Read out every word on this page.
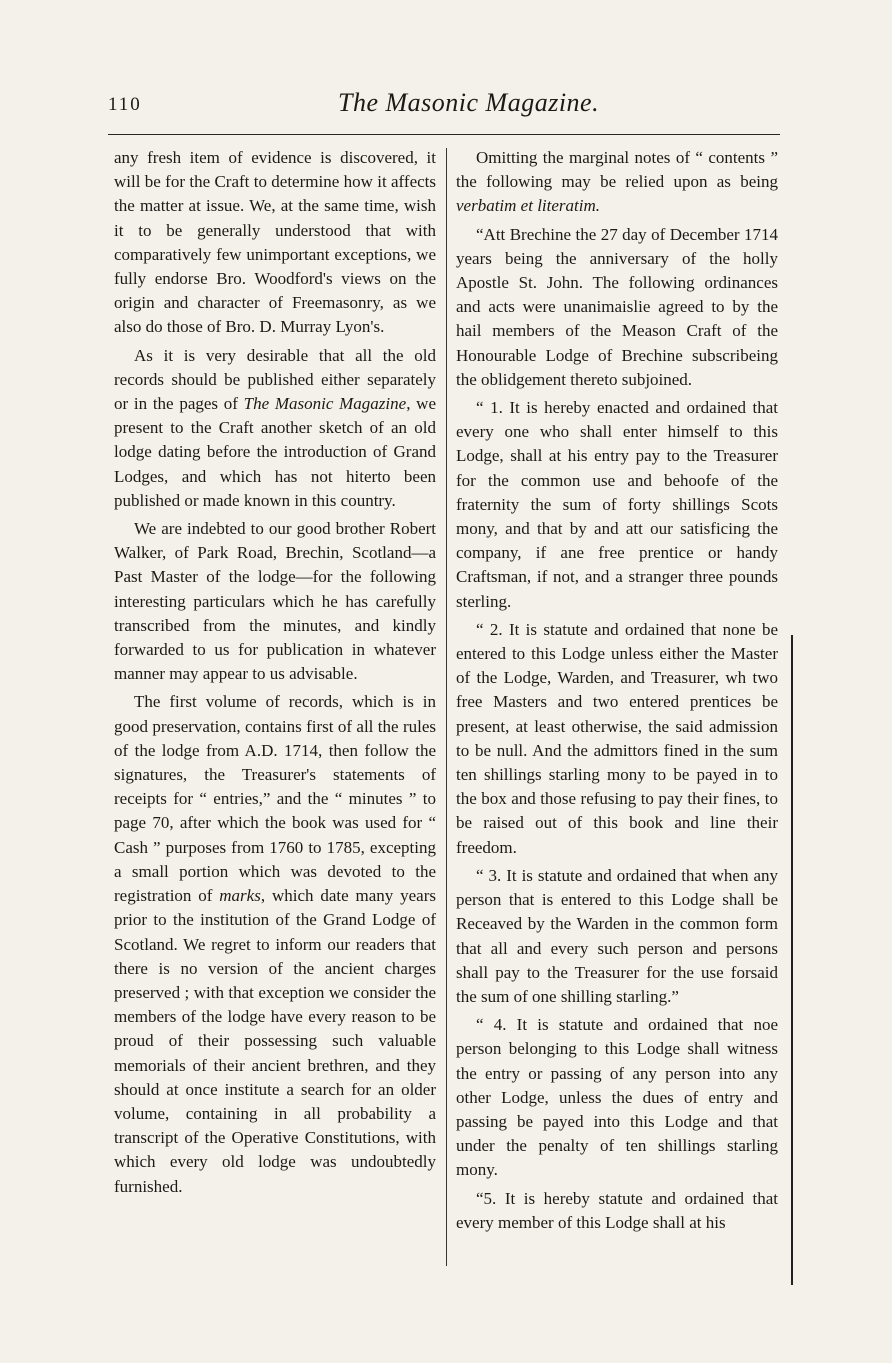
110	The Masonic Magazine.

any fresh item of evidence is discovered, it will be for the Craft to determine how it affects the matter at issue. We, at the same time, wish it to be generally understood that with comparatively few unimportant exceptions, we fully endorse Bro. Woodford's views on the origin and character of Freemasonry, as we also do those of Bro. D. Murray Lyon's.

As it is very desirable that all the old records should be published either separately or in the pages of The Masonic Magazine, we present to the Craft another sketch of an old lodge dating before the introduction of Grand Lodges, and which has not hiterto been published or made known in this country.

We are indebted to our good brother Robert Walker, of Park Road, Brechin, Scotland—a Past Master of the lodge—for the following interesting particulars which he has carefully transcribed from the minutes, and kindly forwarded to us for publication in whatever manner may appear to us advisable.

The first volume of records, which is in good preservation, contains first of all the rules of the lodge from A.D. 1714, then follow the signatures, the Treasurer's statements of receipts for “ entries,” and the “ minutes ” to page 70, after which the book was used for “ Cash ” purposes from 1760 to 1785, excepting a small portion which was devoted to the registration of marks, which date many years prior to the institution of the Grand Lodge of Scotland. We regret to inform our readers that there is no version of the ancient charges preserved ; with that exception we consider the members of the lodge have every reason to be proud of their possessing such valuable memorials of their ancient brethren, and they should at once institute a search for an older volume, containing in all probability a transcript of the Operative Constitutions, with which every old lodge was undoubtedly furnished.

Omitting the marginal notes of “ contents ” the following may be relied upon as being verbatim et literatim.

“Att Brechine the 27 day of December 1714 years being the anniversary of the holly Apostle St. John. The following ordinances and acts were unanimaislie agreed to by the hail members of the Meason Craft of the Honourable Lodge of Brechine subscribeing the oblidgement thereto subjoined.

“ 1. It is hereby enacted and ordained that every one who shall enter himself to this Lodge, shall at his entry pay to the Treasurer for the common use and behoofe of the fraternity the sum of forty shillings Scots mony, and that by and att our satisficing the company, if ane free prentice or handy Craftsman, if not, and a stranger three pounds sterling.

“ 2. It is statute and ordained that none be entered to this Lodge unless either the Master of the Lodge, Warden, and Treasurer, wh two free Masters and two entered prentices be present, at least otherwise, the said admission to be null. And the admittors fined in the sum ten shillings starling mony to be payed in to the box and those refusing to pay their fines, to be raised out of this book and line their freedom.

“ 3. It is statute and ordained that when any person that is entered to this Lodge shall be Receaved by the Warden in the common form that all and every such person and persons shall pay to the Treasurer for the use forsaid the sum of one shilling starling.”

“ 4. It is statute and ordained that noe person belonging to this Lodge shall witness the entry or passing of any person into any other Lodge, unless the dues of entry and passing be payed into this Lodge and that under the penalty of ten shillings starling mony.

“5. It is hereby statute and ordained that every member of this Lodge shall at his
